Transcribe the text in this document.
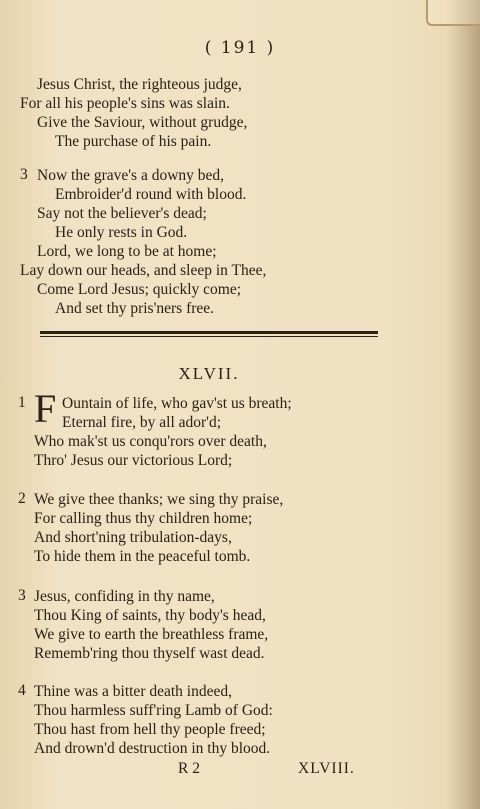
( 191 )
Jesus Christ, the righteous judge,
For all his people's sins was slain.
Give the Saviour, without grudge,
The purchase of his pain.
3 Now the grave's a downy bed,
Embroider'd round with blood.
Say not the believer's dead;
He only rests in God.
Lord, we long to be at home;
Lay down our heads, and sleep in Thee,
Come Lord Jesus; quickly come;
And set thy pris'ners free.
XLVII.
1 F Ountain of life, who gav'st us breath;
Eternal fire, by all ador'd;
Who mak'st us conqu'rors over death,
Thro' Jesus our victorious Lord;
2 We give thee thanks; we sing thy praise,
For calling thus thy children home;
And short'ning tribulation-days,
To hide them in the peaceful tomb.
3 Jesus, confiding in thy name,
Thou King of saints, thy body's head,
We give to earth the breathless frame,
Rememb'ring thou thyself wast dead.
4 Thine was a bitter death indeed,
Thou harmless suff'ring Lamb of God:
Thou hast from hell thy people freed;
And drown'd destruction in thy blood.
R 2	XLVIII.
